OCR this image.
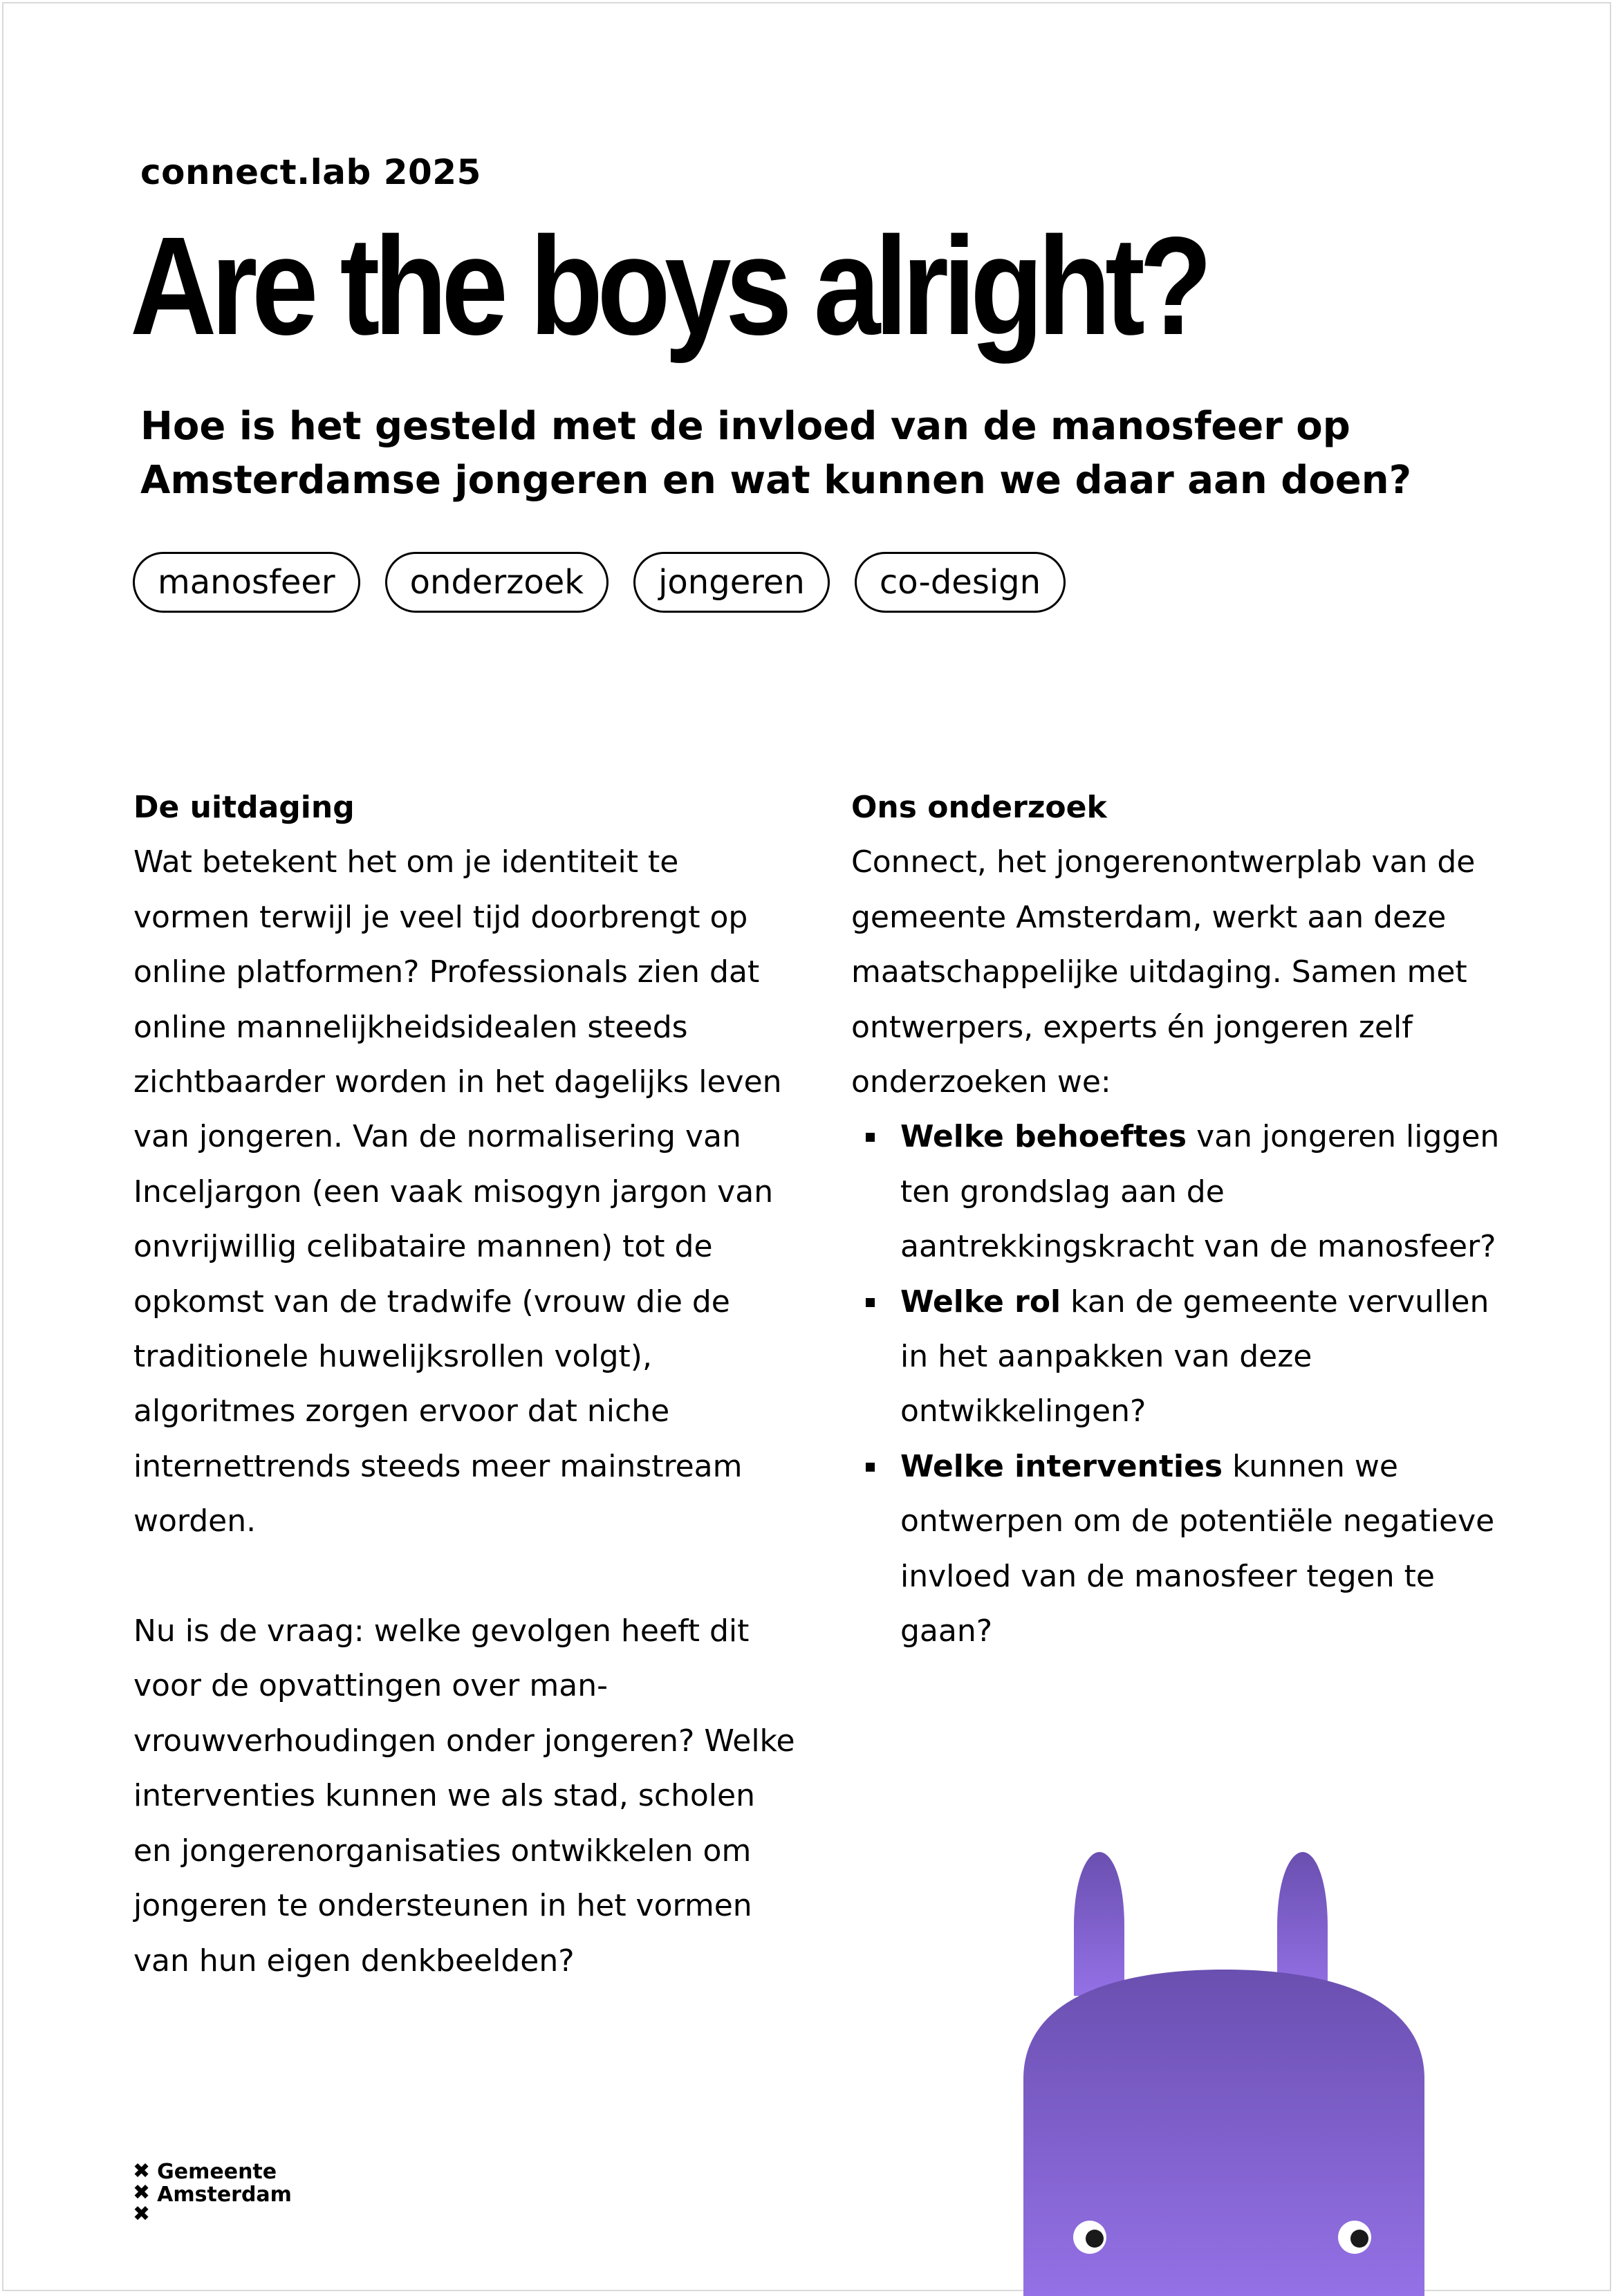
connect.lab 2025
Are the boys alright?

Hoe is het gesteld met de invloed van de manosfeer op Amsterdamse jongeren en wat kunnen we daar aan doen?

manosfeer	onderzoek	jongeren	co-design
De uitdaging

Wat betekent het om je identiteit te vormen terwijl je veel tijd doorbrengt op online platformen? Professionals zien dat online mannelijkheidsidealen steeds zichtbaarder worden in het dagelijks leven van jongeren. Van de normalisering van Inceljargon (een vaak misogyn jargon van onvrijwillig celibataire mannen) tot de opkomst van de tradwife (vrouw die de traditionele huwelijksrollen volgt), algoritmes zorgen ervoor dat niche internettrends steeds meer mainstream worden.

Nu is de vraag: welke gevolgen heeft dit voor de opvattingen over man-vrouwverhoudingen onder jongeren? Welke interventies kunnen we als stad, scholen en jongerenorganisaties ontwikkelen om jongeren te ondersteunen in het vormen van hun eigen denkbeelden?

Ons onderzoek

Connect, het jongerenontwerplab van de gemeente Amsterdam, werkt aan deze maatschappelijke uitdaging. Samen met ontwerpers, experts én jongeren zelf onderzoeken we:

Welke behoeftes van jongeren liggen ten grondslag aan de aantrekkingskracht van de manosfeer?
Welke rol kan de gemeente vervullen in het aanpakken van deze ontwikkelingen?
Welke interventies kunnen we ontwerpen om de potentiële negatieve invloed van de manosfeer tegen te gaan?
✖
✖
✖
Gemeente
Amsterdam
